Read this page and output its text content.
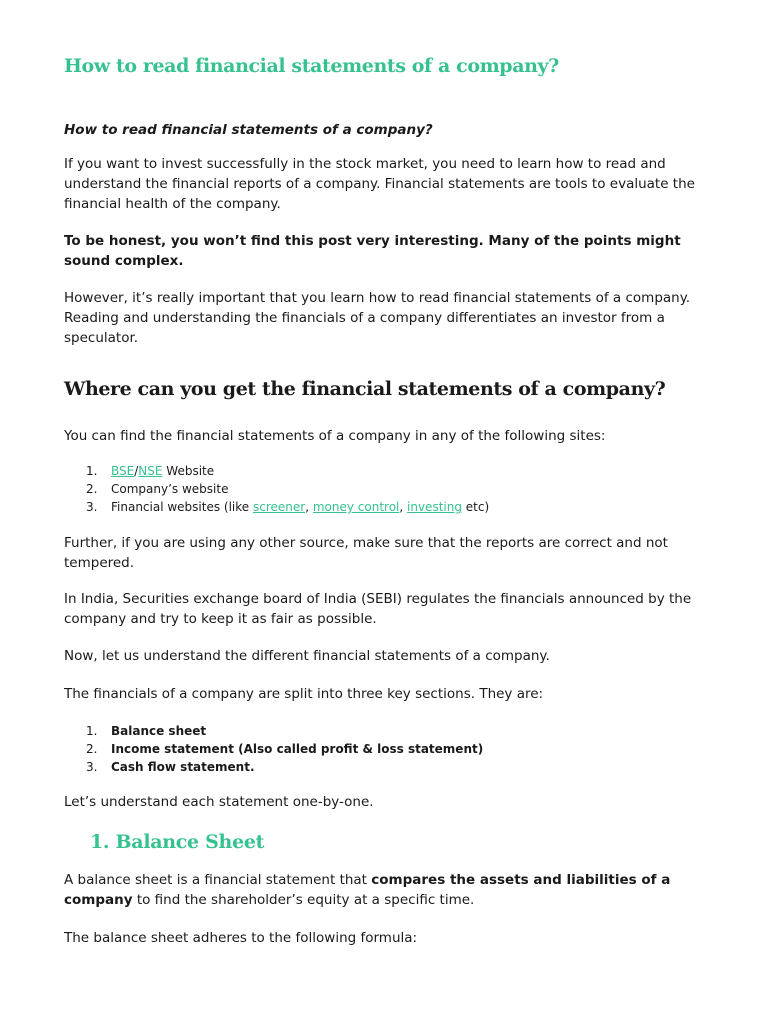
How to read financial statements of a company?

How to read financial statements of a company?

If you want to invest successfully in the stock market, you need to learn how to read and understand the financial reports of a company. Financial statements are tools to evaluate the financial health of the company.

To be honest, you won’t find this post very interesting. Many of the points might sound complex.

However, it’s really important that you learn how to read financial statements of a company. Reading and understanding the financials of a company differentiates an investor from a speculator.

Where can you get the financial statements of a company?

You can find the financial statements of a company in any of the following sites:

1.	BSE/NSE Website
2.	Company’s website
3.	Financial websites (like screener, money control, investing etc)

Further, if you are using any other source, make sure that the reports are correct and not tempered.

In India, Securities exchange board of India (SEBI) regulates the financials announced by the company and try to keep it as fair as possible.

Now, let us understand the different financial statements of a company.

The financials of a company are split into three key sections. They are:

1.	Balance sheet
2.	Income statement (Also called profit & loss statement)
3.	Cash flow statement.

Let’s understand each statement one-by-one.

1. Balance Sheet

A balance sheet is a financial statement that compares the assets and liabilities of a company to find the shareholder’s equity at a specific time.

The balance sheet adheres to the following formula:
